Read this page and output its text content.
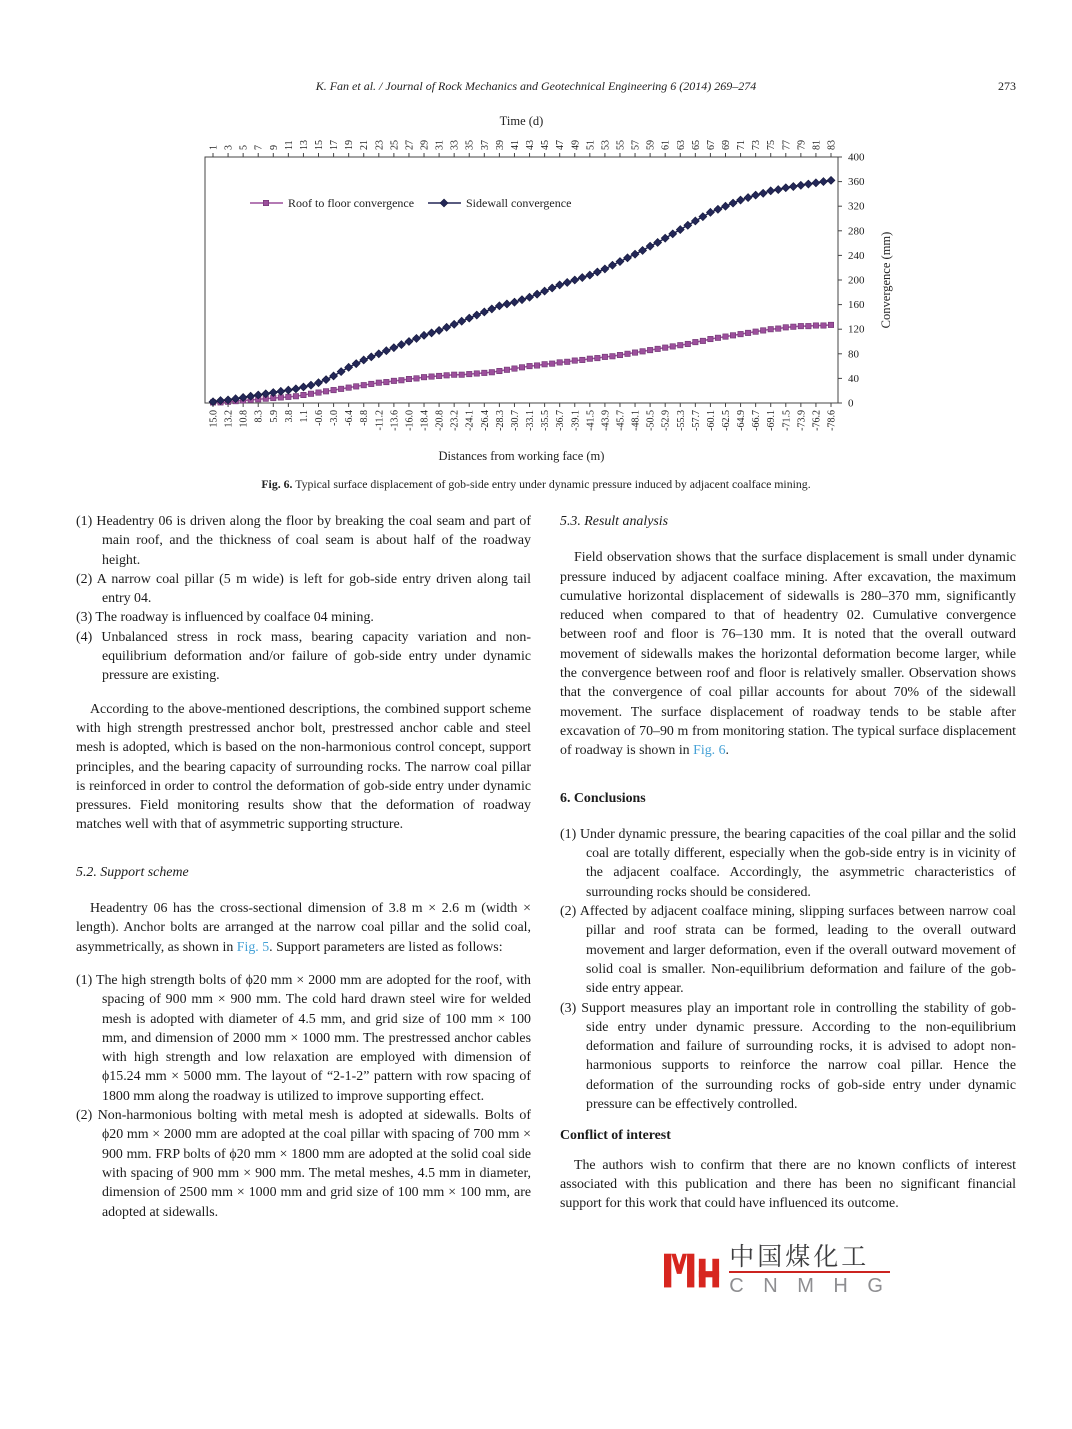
K. Fan et al. / Journal of Rock Mechanics and Geotechnical Engineering 6 (2014) 269–274	273
Time (d)
1
15.0
3
13.2
5
10.8
7
8.3
9
5.9
11
3.8
13
1.1
15
-0.6
17
-3.0
19
-6.4
21
-8.8
23
-11.2
25
-13.6
27
-16.0
29
-18.4
31
-20.8
33
-23.2
35
-24.1
37
-26.4
39
-28.3
41
-30.7
43
-33.1
45
-35.5
47
-36.7
49
-39.1
51
-41.5
53
-43.9
55
-45.7
57
-48.1
59
-50.5
61
-52.9
63
-55.3
65
-57.7
67
-60.1
69
-62.5
71
-64.9
73
-66.7
75
-69.1
77
-71.5
79
-73.9
81
-76.2
83
-78.6
0
40
80
120
160
200
240
280
320
360
400
Convergence (mm)
Distances from working face (m)
Roof to floor convergence	Sidewall convergence
Fig. 6. Typical surface displacement of gob-side entry under dynamic pressure induced by adjacent coalface mining.
(1) Headentry 06 is driven along the floor by breaking the coal seam and part of main roof, and the thickness of coal seam is about half of the roadway height.
(2) A narrow coal pillar (5 m wide) is left for gob-side entry driven along tail entry 04.
(3) The roadway is influenced by coalface 04 mining.
(4) Unbalanced stress in rock mass, bearing capacity variation and non-equilibrium deformation and/or failure of gob-side entry under dynamic pressure are existing.
According to the above-mentioned descriptions, the combined support scheme with high strength prestressed anchor bolt, prestressed anchor cable and steel mesh is adopted, which is based on the non-harmonious control concept, support principles, and the bearing capacity of surrounding rocks. The narrow coal pillar is reinforced in order to control the deformation of gob-side entry under dynamic pressures. Field monitoring results show that the deformation of roadway matches well with that of asymmetric supporting structure.
5.2. Support scheme
Headentry 06 has the cross-sectional dimension of 3.8 m × 2.6 m (width × length). Anchor bolts are arranged at the narrow coal pillar and the solid coal, asymmetrically, as shown in Fig. 5. Support parameters are listed as follows:
(1) The high strength bolts of ϕ20 mm × 2000 mm are adopted for the roof, with spacing of 900 mm × 900 mm. The cold hard drawn steel wire for welded mesh is adopted with diameter of 4.5 mm, and grid size of 100 mm × 100 mm, and dimension of 2000 mm × 1000 mm. The prestressed anchor cables with high strength and low relaxation are employed with dimension of ϕ15.24 mm × 5000 mm. The layout of “2-1-2” pattern with row spacing of 1800 mm along the roadway is utilized to improve supporting effect.
(2) Non-harmonious bolting with metal mesh is adopted at sidewalls. Bolts of ϕ20 mm × 2000 mm are adopted at the coal pillar with spacing of 700 mm × 900 mm. FRP bolts of ϕ20 mm × 1800 mm are adopted at the solid coal side with spacing of 900 mm × 900 mm. The metal meshes, 4.5 mm in diameter, dimension of 2500 mm × 1000 mm and grid size of 100 mm × 100 mm, are adopted at sidewalls.
5.3. Result analysis
Field observation shows that the surface displacement is small under dynamic pressure induced by adjacent coalface mining. After excavation, the maximum cumulative horizontal displacement of sidewalls is 280–370 mm, significantly reduced when compared to that of headentry 02. Cumulative convergence between roof and floor is 76–130 mm. It is noted that the overall outward movement of sidewalls makes the horizontal deformation become larger, while the convergence between roof and floor is relatively smaller. Observation shows that the convergence of coal pillar accounts for about 70% of the sidewall movement. The surface displacement of roadway tends to be stable after excavation of 70–90 m from monitoring station. The typical surface displacement of roadway is shown in Fig. 6.
6. Conclusions
(1) Under dynamic pressure, the bearing capacities of the coal pillar and the solid coal are totally different, especially when the gob-side entry is in vicinity of the adjacent coalface. Accordingly, the asymmetric characteristics of surrounding rocks should be considered.
(2) Affected by adjacent coalface mining, slipping surfaces between narrow coal pillar and roof strata can be formed, leading to the overall outward movement and larger deformation, even if the overall outward movement of solid coal is smaller. Non-equilibrium deformation and failure of the gob-side entry appear.
(3) Support measures play an important role in controlling the stability of gob-side entry under dynamic pressure. According to the non-equilibrium deformation and failure of surrounding rocks, it is advised to adopt non-harmonious supports to reinforce the narrow coal pillar. Hence the deformation of the surrounding rocks of gob-side entry under dynamic pressure can be effectively controlled.
Conflict of interest
The authors wish to confirm that there are no known conflicts of interest associated with this publication and there has been no significant financial support for this work that could have influenced its outcome.
中国煤化工
C N M H G
